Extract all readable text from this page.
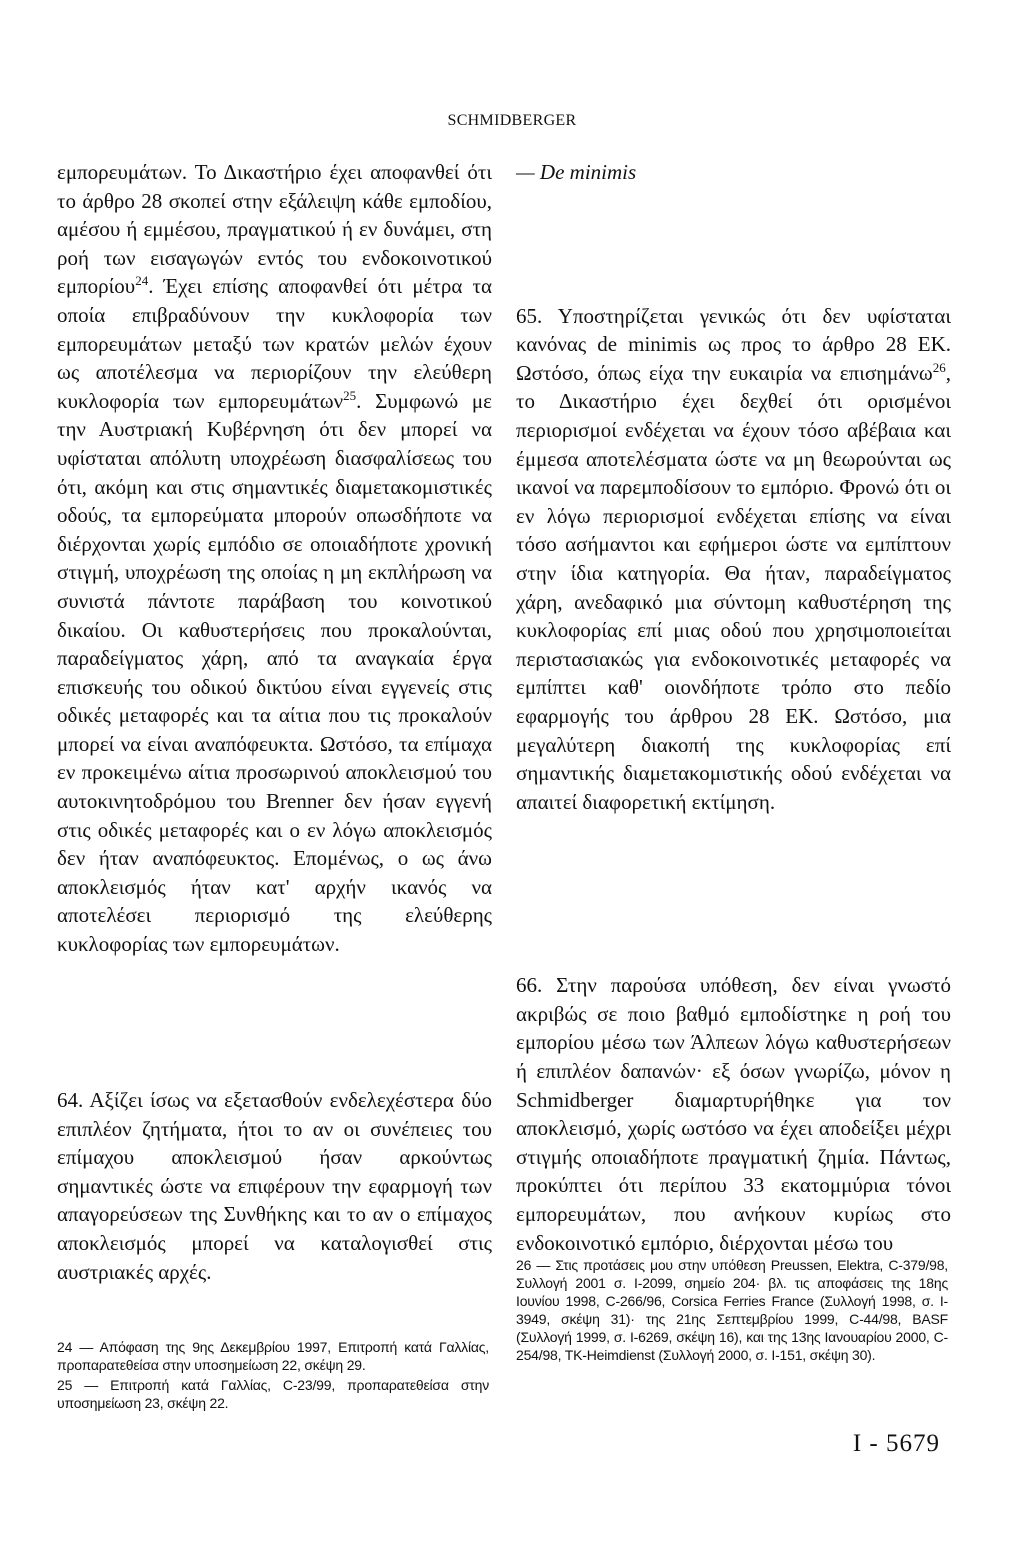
SCHMIDBERGER

εμπορευμάτων. Το Δικαστήριο έχει αποφανθεί ότι το άρθρο 28 σκοπεί στην εξάλειψη κάθε εμποδίου, αμέσου ή εμμέσου, πραγματικού ή εν δυνάμει, στη ροή των εισαγωγών εντός του ενδοκοινοτικού εμπορίου$^{24}$. Έχει επίσης αποφανθεί ότι μέτρα τα οποία επιβραδύνουν την κυκλοφορία των εμπορευμάτων μεταξύ των κρατών μελών έχουν ως αποτέλεσμα να περιορίζουν την ελεύθερη κυκλοφορία των εμπορευμάτων$^{25}$. Συμφωνώ με την Αυστριακή Κυβέρνηση ότι δεν μπορεί να υφίσταται απόλυτη υποχρέωση διασφαλίσεως του ότι, ακόμη και στις σημαντικές διαμετακομιστικές οδούς, τα εμπορεύματα μπορούν οπωσδήποτε να διέρχονται χωρίς εμπόδιο σε οποιαδήποτε χρονική στιγμή, υποχρέωση της οποίας η μη εκπλήρωση να συνιστά πάντοτε παράβαση του κοινοτικού δικαίου. Οι καθυστερήσεις που προκαλούνται, παραδείγματος χάρη, από τα αναγκαία έργα επισκευής του οδικού δικτύου είναι εγγενείς στις οδικές μεταφορές και τα αίτια που τις προκαλούν μπορεί να είναι αναπόφευκτα. Ωστόσο, τα επίμαχα εν προκειμένω αίτια προσωρινού αποκλεισμού του αυτοκινητοδρόμου του Brenner δεν ήσαν εγγενή στις οδικές μεταφορές και ο εν λόγω αποκλεισμός δεν ήταν αναπόφευκτος. Επομένως, ο ως άνω αποκλεισμός ήταν κατ' αρχήν ικανός να αποτελέσει περιορισμό της ελεύθερης κυκλοφορίας των εμπορευμάτων.

64. Αξίζει ίσως να εξετασθούν ενδελεχέστερα δύο επιπλέον ζητήματα, ήτοι το αν οι συνέπειες του επίμαχου αποκλεισμού ήσαν αρκούντως σημαντικές ώστε να επιφέρουν την εφαρμογή των απαγορεύσεων της Συνθήκης και το αν ο επίμαχος αποκλεισμός μπορεί να καταλογισθεί στις αυστριακές αρχές.

— De minimis

65. Υποστηρίζεται γενικώς ότι δεν υφίσταται κανόνας de minimis ως προς το άρθρο 28 ΕΚ. Ωστόσο, όπως είχα την ευκαιρία να επισημάνω$^{26}$, το Δικαστήριο έχει δεχθεί ότι ορισμένοι περιορισμοί ενδέχεται να έχουν τόσο αβέβαια και έμμεσα αποτελέσματα ώστε να μη θεωρούνται ως ικανοί να παρεμποδίσουν το εμπόριο. Φρονώ ότι οι εν λόγω περιορισμοί ενδέχεται επίσης να είναι τόσο ασήμαντοι και εφήμεροι ώστε να εμπίπτουν στην ίδια κατηγορία. Θα ήταν, παραδείγματος χάρη, ανεδαφικό μια σύντομη καθυστέρηση της κυκλοφορίας επί μιας οδού που χρησιμοποιείται περιστασιακώς για ενδοκοινοτικές μεταφορές να εμπίπτει καθ' οιονδήποτε τρόπο στο πεδίο εφαρμογής του άρθρου 28 ΕΚ. Ωστόσο, μια μεγαλύτερη διακοπή της κυκλοφορίας επί σημαντικής διαμετακομιστικής οδού ενδέχεται να απαιτεί διαφορετική εκτίμηση.

66. Στην παρούσα υπόθεση, δεν είναι γνωστό ακριβώς σε ποιο βαθμό εμποδίστηκε η ροή του εμπορίου μέσω των Άλπεων λόγω καθυστερήσεων ή επιπλέον δαπανών· εξ όσων γνωρίζω, μόνον η Schmidberger διαμαρτυρήθηκε για τον αποκλεισμό, χωρίς ωστόσο να έχει αποδείξει μέχρι στιγμής οποιαδήποτε πραγματική ζημία. Πάντως, προκύπτει ότι περίπου 33 εκατομμύρια τόνοι εμπορευμάτων, που ανήκουν κυρίως στο ενδοκοινοτικό εμπόριο, διέρχονται μέσω του

24 — Απόφαση της 9ης Δεκεμβρίου 1997, Επιτροπή κατά Γαλλίας, προπαρατεθείσα στην υποσημείωση 22, σκέψη 29.

25 — Επιτροπή κατά Γαλλίας, C-23/99, προπαρατεθείσα στην υποσημείωση 23, σκέψη 22.

26 — Στις προτάσεις μου στην υπόθεση Preussen, Elektra, C-379/98, Συλλογή 2001 σ. I-2099, σημείο 204· βλ. τις αποφάσεις της 18ης Ιουνίου 1998, C-266/96, Corsica Ferries France (Συλλογή 1998, σ. I-3949, σκέψη 31)· της 21ης Σεπτεμβρίου 1999, C-44/98, BASF (Συλλογή 1999, σ. I-6269, σκέψη 16), και της 13ης Ιανουαρίου 2000, C-254/98, TK-Heimdienst (Συλλογή 2000, σ. I-151, σκέψη 30).

I - 5679
